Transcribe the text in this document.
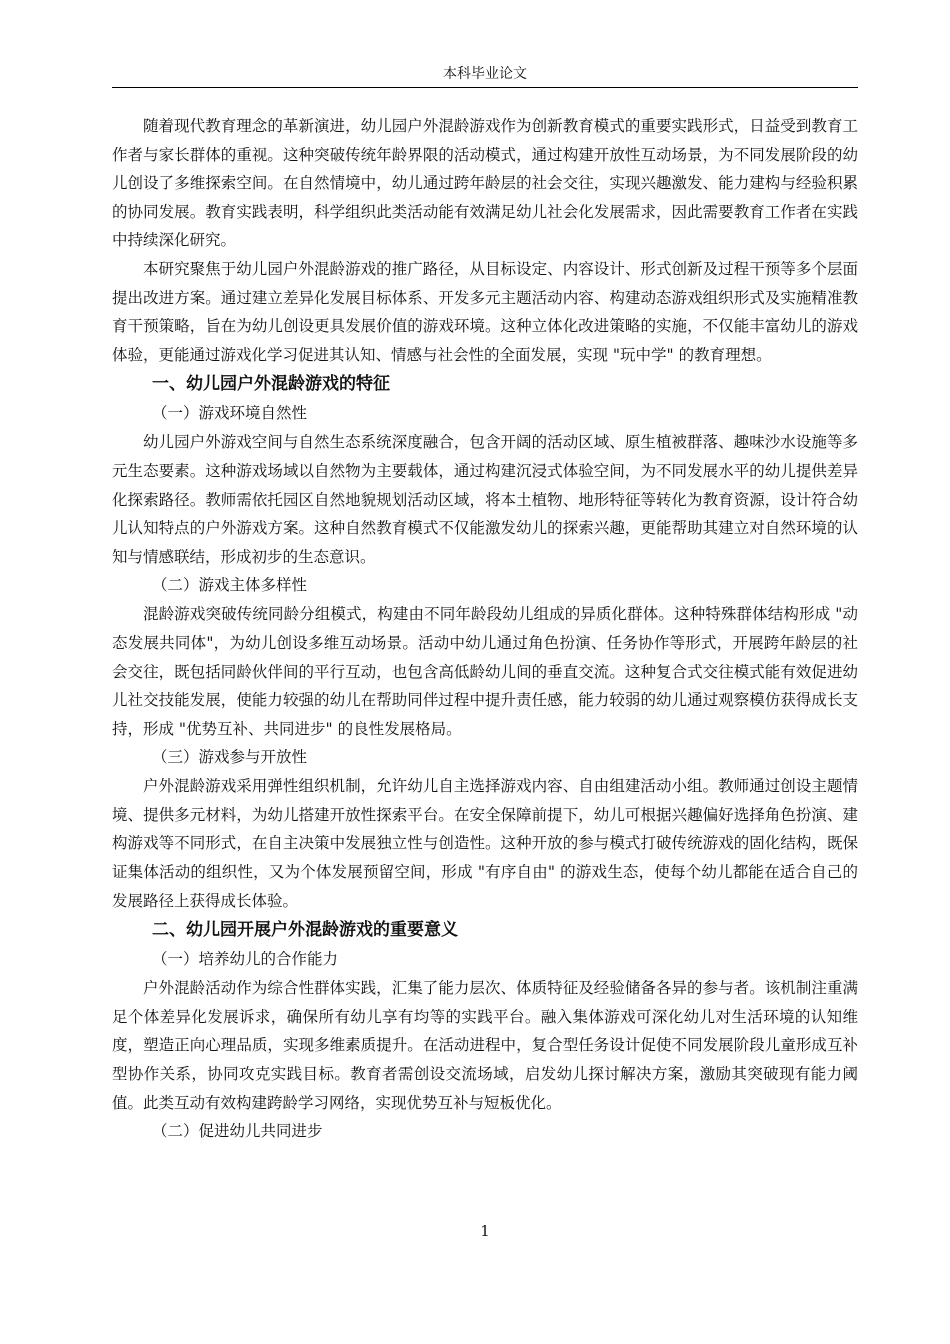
本科毕业论文

随着现代教育理念的革新演进，幼儿园户外混龄游戏作为创新教育模式的重要实践形式，日益受到教育工作者与家长群体的重视。这种突破传统年龄界限的活动模式，通过构建开放性互动场景，为不同发展阶段的幼儿创设了多维探索空间。在自然情境中，幼儿通过跨年龄层的社会交往，实现兴趣激发、能力建构与经验积累的协同发展。教育实践表明，科学组织此类活动能有效满足幼儿社会化发展需求，因此需要教育工作者在实践中持续深化研究。

本研究聚焦于幼儿园户外混龄游戏的推广路径，从目标设定、内容设计、形式创新及过程干预等多个层面提出改进方案。通过建立差异化发展目标体系、开发多元主题活动内容、构建动态游戏组织形式及实施精准教育干预策略，旨在为幼儿创设更具发展价值的游戏环境。这种立体化改进策略的实施，不仅能丰富幼儿的游戏体验，更能通过游戏化学习促进其认知、情感与社会性的全面发展，实现 "玩中学" 的教育理想。

一、幼儿园户外混龄游戏的特征

（一）游戏环境自然性

幼儿园户外游戏空间与自然生态系统深度融合，包含开阔的活动区域、原生植被群落、趣味沙水设施等多元生态要素。这种游戏场域以自然物为主要载体，通过构建沉浸式体验空间，为不同发展水平的幼儿提供差异化探索路径。教师需依托园区自然地貌规划活动区域，将本土植物、地形特征等转化为教育资源，设计符合幼儿认知特点的户外游戏方案。这种自然教育模式不仅能激发幼儿的探索兴趣，更能帮助其建立对自然环境的认知与情感联结，形成初步的生态意识。

（二）游戏主体多样性

混龄游戏突破传统同龄分组模式，构建由不同年龄段幼儿组成的异质化群体。这种特殊群体结构形成 "动态发展共同体"，为幼儿创设多维互动场景。活动中幼儿通过角色扮演、任务协作等形式，开展跨年龄层的社会交往，既包括同龄伙伴间的平行互动，也包含高低龄幼儿间的垂直交流。这种复合式交往模式能有效促进幼儿社交技能发展，使能力较强的幼儿在帮助同伴过程中提升责任感，能力较弱的幼儿通过观察模仿获得成长支持，形成 "优势互补、共同进步" 的良性发展格局。

（三）游戏参与开放性

户外混龄游戏采用弹性组织机制，允许幼儿自主选择游戏内容、自由组建活动小组。教师通过创设主题情境、提供多元材料，为幼儿搭建开放性探索平台。在安全保障前提下，幼儿可根据兴趣偏好选择角色扮演、建构游戏等不同形式，在自主决策中发展独立性与创造性。这种开放的参与模式打破传统游戏的固化结构，既保证集体活动的组织性，又为个体发展预留空间，形成 "有序自由" 的游戏生态，使每个幼儿都能在适合自己的发展路径上获得成长体验。

二、幼儿园开展户外混龄游戏的重要意义

（一）培养幼儿的合作能力

户外混龄活动作为综合性群体实践，汇集了能力层次、体质特征及经验储备各异的参与者。该机制注重满足个体差异化发展诉求，确保所有幼儿享有均等的实践平台。融入集体游戏可深化幼儿对生活环境的认知维度，塑造正向心理品质，实现多维素质提升。在活动进程中，复合型任务设计促使不同发展阶段儿童形成互补型协作关系，协同攻克实践目标。教育者需创设交流场域，启发幼儿探讨解决方案，激励其突破现有能力阈值。此类互动有效构建跨龄学习网络，实现优势互补与短板优化。

（二）促进幼儿共同进步

1
